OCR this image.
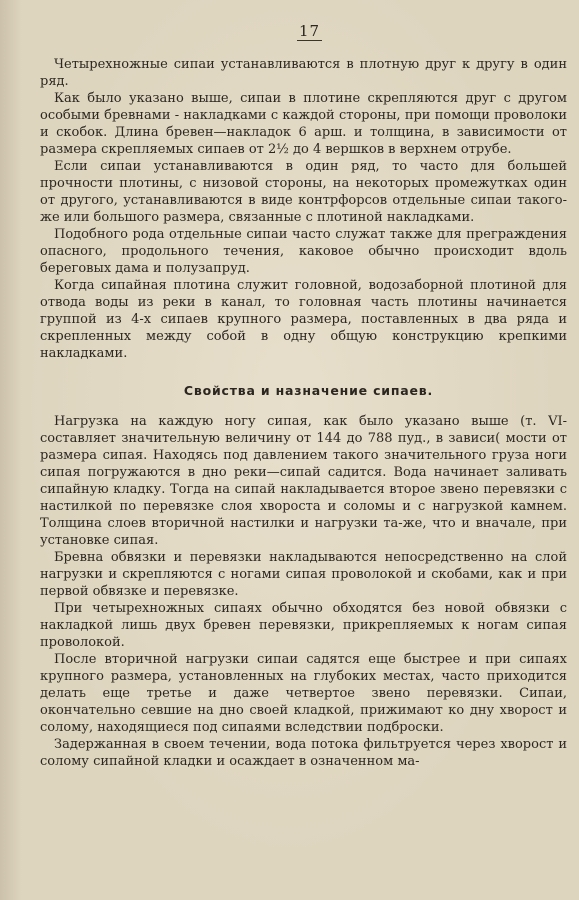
17

Четырехножные сипаи устанавливаются в плотную друг к другу в один ряд.

Как было указано выше, сипаи в плотине скрепляются друг с другом особыми бревнами - накладками с каждой стороны, при помощи проволоки и скобок. Длина бревен—накладок 6 арш. и толщина, в зависимости от размера скрепляемых сипаев от 2½ до 4 вершков в верхнем отрубе.

Если сипаи устанавливаются в один ряд, то часто для большей прочности плотины, с низовой стороны, на некоторых промежутках один от другого, устанавливаются в виде контрфорсов отдельные сипаи такого-же или большого размера, связанные с плотиной накладками.

Подобного рода отдельные сипаи часто служат также для преграждения опасного, продольного течения, каковое обычно происходит вдоль береговых дама и полузапруд.

Когда сипайная плотина служит головной, водозаборной плотиной для отвода воды из реки в канал, то головная часть плотины начинается группой из 4-х сипаев крупного размера, поставленных в два ряда и скрепленных между собой в одну общую конструкцию крепкими накладками.

Свойства и назначение сипаев.

Нагрузка на каждую ногу сипая, как было указано выше (т. VI- составляет значительную величину от 144 до 788 пуд., в зависи( мости от размера сипая. Находясь под давлением такого значительного груза ноги сипая погружаются в дно реки—сипай садится. Вода начинает заливать сипайную кладку. Тогда на сипай накладывается второе звено перевязки с настилкой по перевязке слоя хвороста и соломы и с нагрузкой камнем. Толщина слоев вторичной настилки и нагрузки та-же, что и вначале, при установке сипая.

Бревна обвязки и перевязки накладываются непосредственно на слой нагрузки и скрепляются с ногами сипая проволокой и скобами, как и при первой обвязке и перевязке.

При четырехножных сипаях обычно обходятся без новой обвязки с накладкой лишь двух бревен перевязки, прикрепляемых к ногам сипая проволокой.

После вторичной нагрузки сипаи садятся еще быстрее и при сипаях крупного размера, установленных на глубоких местах, часто приходится делать еще третье и даже четвертое звено перевязки. Сипаи, окончательно севшие на дно своей кладкой, прижимают ко дну хворост и солому, находящиеся под сипаями вследствии подброски.

Задержанная в своем течении, вода потока фильтруется через хворост и солому сипайной кладки и осаждает в означенном ма-
